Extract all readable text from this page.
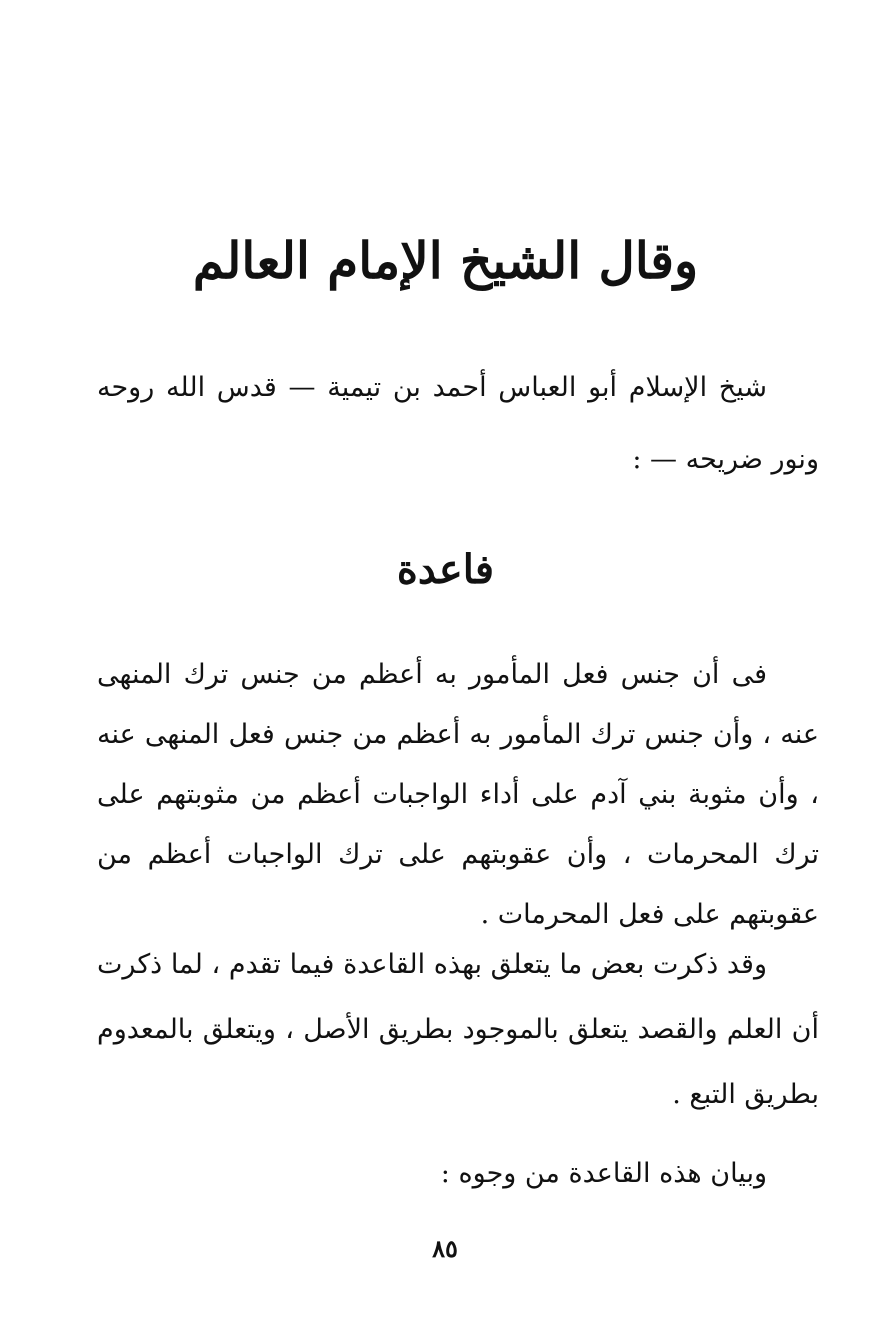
وقال الشيخ الإمام العالم

شيخ الإسلام أبو العباس أحمد بن تيمية — قدس الله روحه ونور ضريحه — :

فاعدة

فى أن جنس فعل المأمور به أعظم من جنس ترك المنهى عنه ، وأن جنس ترك المأمور به أعظم من جنس فعل المنهى عنه ، وأن مثوبة بني آدم على أداء الواجبات أعظم من مثوبتهم على ترك المحرمات ، وأن عقوبتهم على ترك الواجبات أعظم من عقوبتهم على فعل المحرمات .

وقد ذكرت بعض ما يتعلق بهذه القاعدة فيما تقدم ، لما ذكرت أن العلم والقصد يتعلق بالموجود بطريق الأصل ، ويتعلق بالمعدوم بطريق التبع .

وبيان هذه القاعدة من وجوه :

٨٥
